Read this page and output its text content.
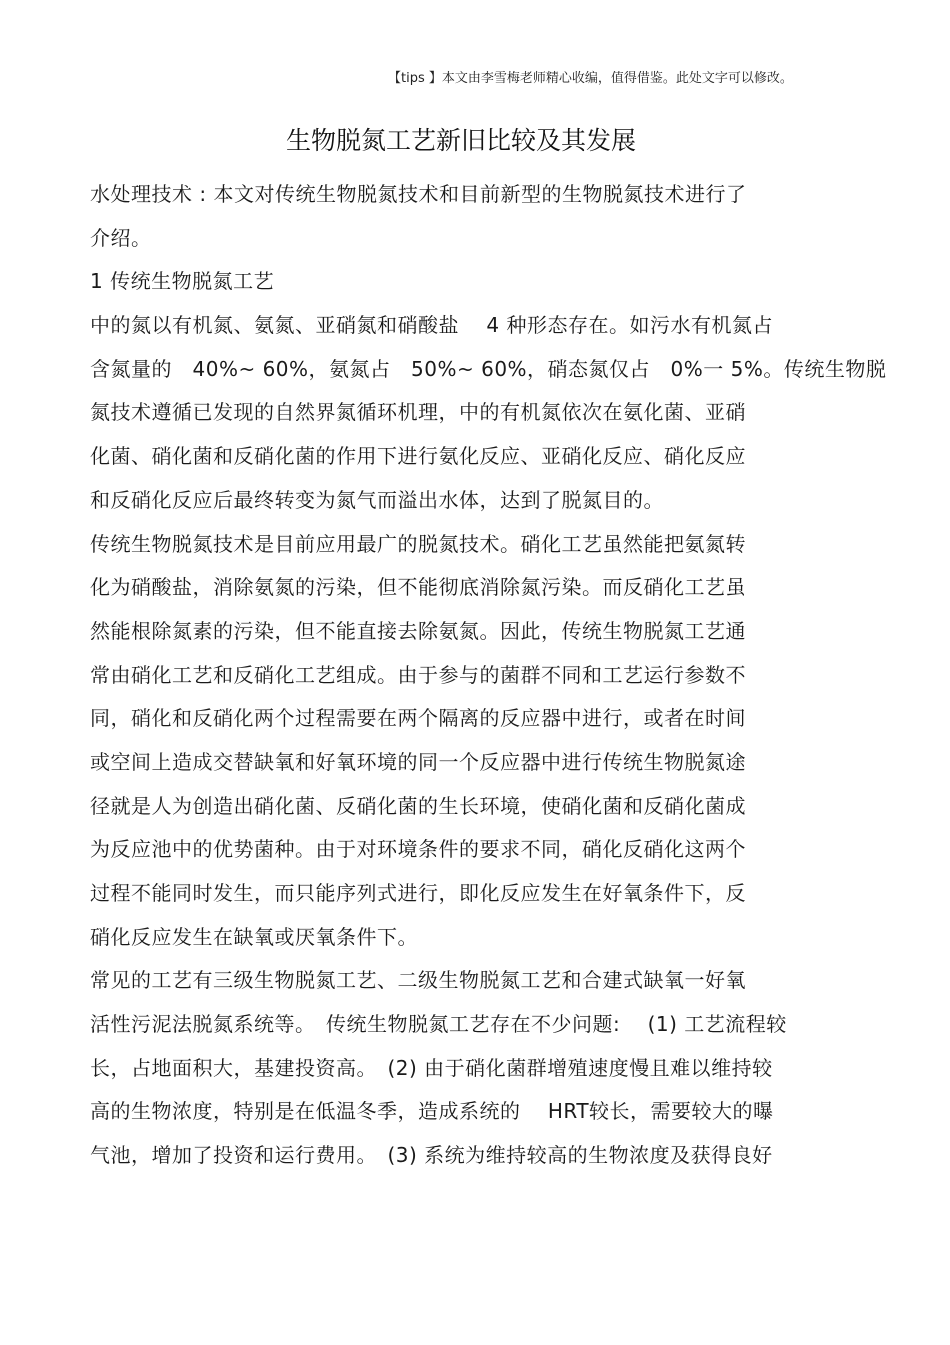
【tips 】本文由李雪梅老师精心收编，值得借鉴。此处文字可以修改。
生物脱氮工艺新旧比较及其发展
水处理技术 : 本文对传统生物脱氮技术和目前新型的生物脱氮技术进行了
介绍。
1 传统生物脱氮工艺
中的氮以有机氮、氨氮、亚硝氮和硝酸盐　 4 种形态存在。如污水有机氮占
含氮量的　40%~ 60%，氨氮占　50%~ 60%，硝态氮仅占　0%一 5%。传统生物脱
氮技术遵循已发现的自然界氮循环机理，中的有机氮依次在氨化菌、亚硝
化菌、硝化菌和反硝化菌的作用下进行氨化反应、亚硝化反应、硝化反应
和反硝化反应后最终转变为氮气而溢出水体，达到了脱氮目的。
传统生物脱氮技术是目前应用最广的脱氮技术。硝化工艺虽然能把氨氮转
化为硝酸盐，消除氨氮的污染，但不能彻底消除氮污染。而反硝化工艺虽
然能根除氮素的污染，但不能直接去除氨氮。因此，传统生物脱氮工艺通
常由硝化工艺和反硝化工艺组成。由于参与的菌群不同和工艺运行参数不
同，硝化和反硝化两个过程需要在两个隔离的反应器中进行，或者在时间
或空间上造成交替缺氧和好氧环境的同一个反应器中进行传统生物脱氮途
径就是人为创造出硝化菌、反硝化菌的生长环境，使硝化菌和反硝化菌成
为反应池中的优势菌种。由于对环境条件的要求不同，硝化反硝化这两个
过程不能同时发生，而只能序列式进行，即化反应发生在好氧条件下，反
硝化反应发生在缺氧或厌氧条件下。
常见的工艺有三级生物脱氮工艺、二级生物脱氮工艺和合建式缺氧一好氧
活性污泥法脱氮系统等。　传统生物脱氮工艺存在不少问题:　 (1) 工艺流程较
长，占地面积大，基建投资高。　(2) 由于硝化菌群增殖速度慢且难以维持较
高的生物浓度，特别是在低温冬季，造成系统的　 HRT较长，需要较大的曝
气池，增加了投资和运行费用。　(3) 系统为维持较高的生物浓度及获得良好
